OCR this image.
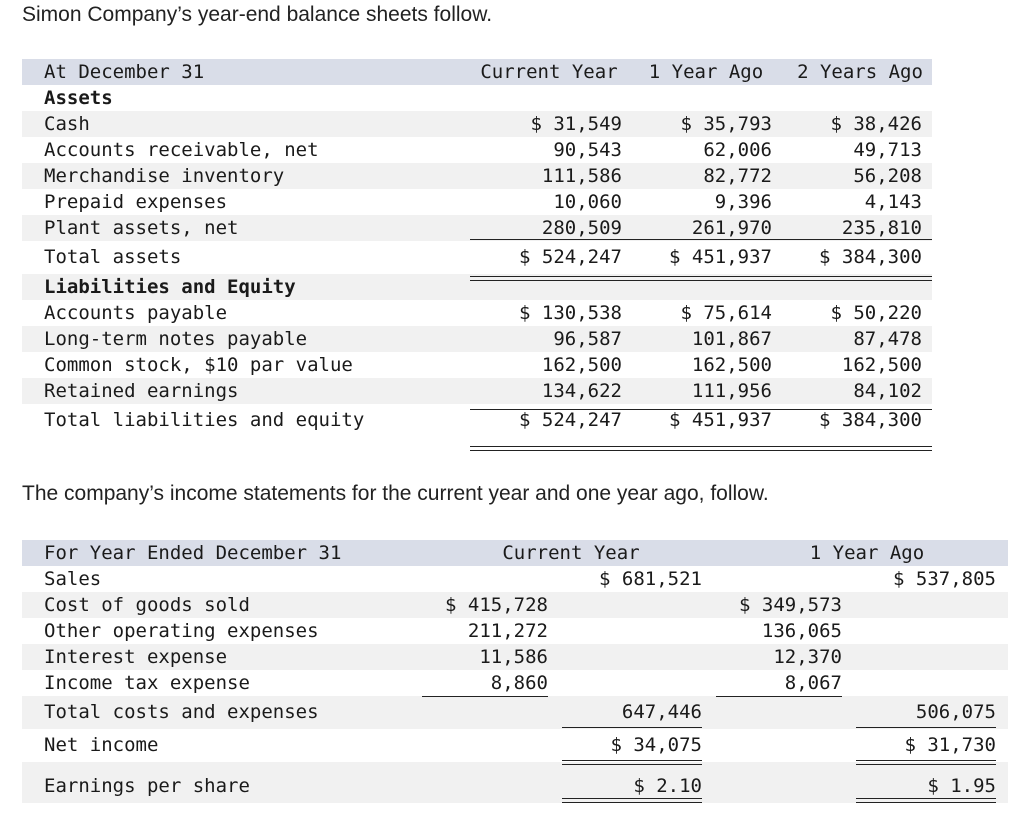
Simon Company’s year-end balance sheets follow.
At December 31	Current Year	1 Year Ago	2 Years Ago
Assets
Cash	$ 31,549	$ 35,793	$ 38,426
Accounts receivable, net	90,543	62,006	49,713
Merchandise inventory	111,586	82,772	56,208
Prepaid expenses	10,060	9,396	4,143
Plant assets, net	280,509	261,970	235,810
Total assets	$ 524,247	$ 451,937	$ 384,300
Liabilities and Equity
Accounts payable	$ 130,538	$ 75,614	$ 50,220
Long-term notes payable	96,587	101,867	87,478
Common stock, $10 par value	162,500	162,500	162,500
Retained earnings	134,622	111,956	84,102
Total liabilities and equity	$ 524,247	$ 451,937	$ 384,300
The company’s income statements for the current year and one year ago, follow.
For Year Ended December 31	Current Year	1 Year Ago
Sales	$ 681,521	$ 537,805
Cost of goods sold	$ 415,728	$ 349,573
Other operating expenses	211,272	136,065
Interest expense	11,586	12,370
Income tax expense	8,860	8,067
Total costs and expenses	647,446	506,075
Net income	$ 34,075	$ 31,730
Earnings per share	$ 2.10	$ 1.95
